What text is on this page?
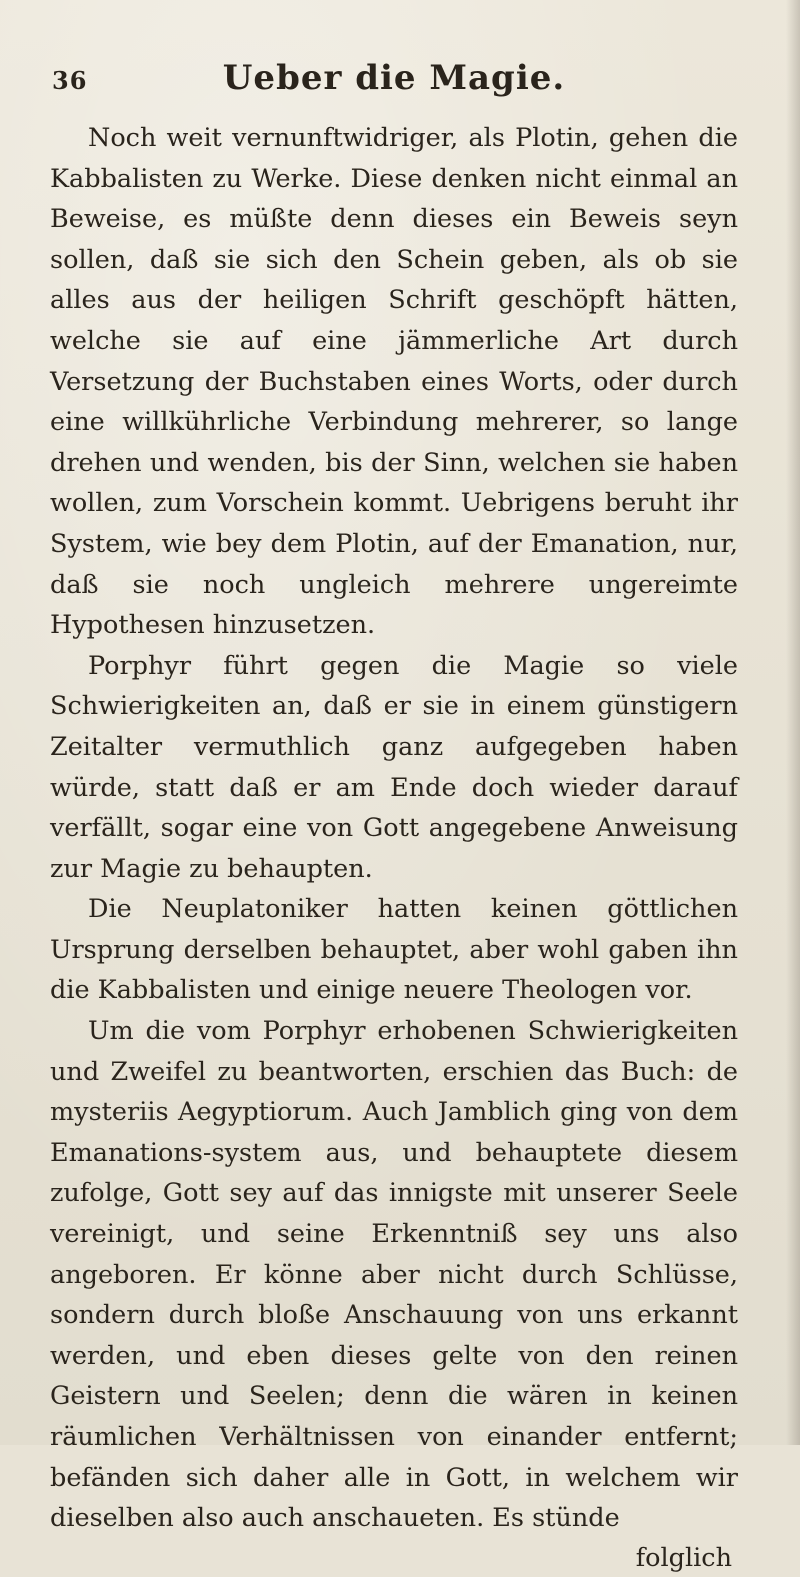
36	Ueber die Magie.

Noch weit vernunftwidriger, als Plotin, gehen die Kabbalisten zu Werke. Diese denken nicht einmal an Beweise, es müßte denn dieses ein Beweis seyn sollen, daß sie sich den Schein geben, als ob sie alles aus der heiligen Schrift geschöpft hätten, welche sie auf eine jämmerliche Art durch Versetzung der Buchstaben eines Worts, oder durch eine willkührliche Verbindung mehrerer, so lange drehen und wenden, bis der Sinn, welchen sie haben wollen, zum Vorschein kommt. Uebrigens beruht ihr System, wie bey dem Plotin, auf der Emanation, nur, daß sie noch ungleich mehrere ungereimte Hypothesen hinzusetzen.

Porphyr führt gegen die Magie so viele Schwierigkeiten an, daß er sie in einem günstigern Zeitalter vermuthlich ganz aufgegeben haben würde, statt daß er am Ende doch wieder darauf verfällt, sogar eine von Gott angegebene Anweisung zur Magie zu behaupten.

Die Neuplatoniker hatten keinen göttlichen Ursprung derselben behauptet, aber wohl gaben ihn die Kabbalisten und einige neuere Theologen vor.

Um die vom Porphyr erhobenen Schwierigkeiten und Zweifel zu beantworten, erschien das Buch: de mysteriis Aegyptiorum. Auch Jamblich ging von dem Emanations-system aus, und behauptete diesem zufolge, Gott sey auf das innigste mit unserer Seele vereinigt, und seine Erkenntniß sey uns also angeboren. Er könne aber nicht durch Schlüsse, sondern durch bloße Anschauung von uns erkannt werden, und eben dieses gelte von den reinen Geistern und Seelen; denn die wären in keinen räumlichen Verhältnissen von einander entfernt; befänden sich daher alle in Gott, in welchem wir dieselben also auch anschaueten. Es stünde

folglich
